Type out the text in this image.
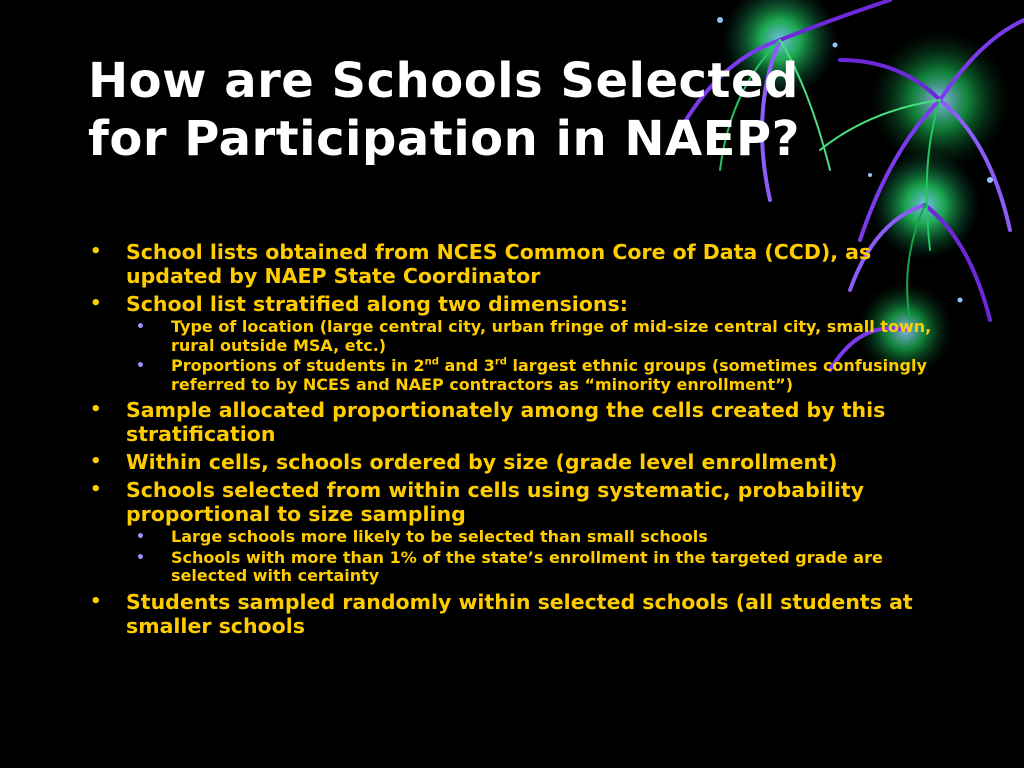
How are Schools Selected
for Participation in NAEP?
• School lists obtained from NCES Common Core of Data (CCD), as updated by NAEP State Coordinator
• School list stratified along two dimensions:
• Type of location (large central city, urban fringe of mid-size central city, small town, rural outside MSA, etc.)
• Proportions of students in 2nd and 3rd largest ethnic groups (sometimes confusingly referred to by NCES and NAEP contractors as “minority enrollment”)
• Sample allocated proportionately among the cells created by this stratification
• Within cells, schools ordered by size (grade level enrollment)
• Schools selected from within cells using systematic, probability proportional to size sampling
• Large schools more likely to be selected than small schools
• Schools with more than 1% of the state’s enrollment in the targeted grade are selected with certainty
• Students sampled randomly within selected schools (all students at smaller schools
